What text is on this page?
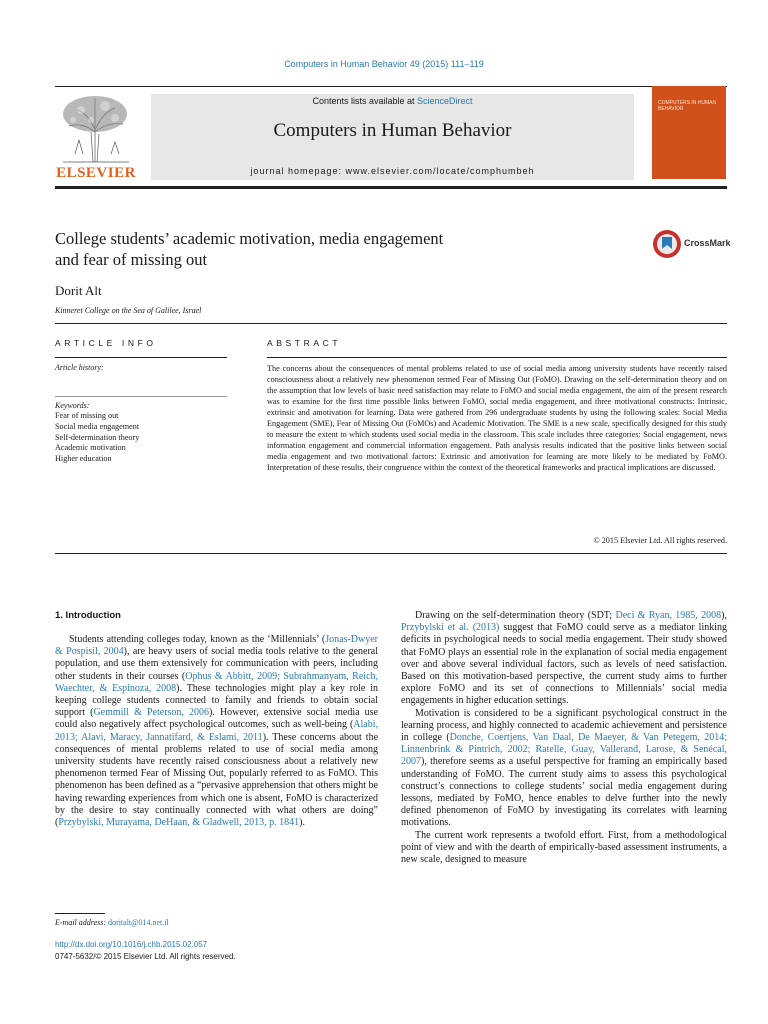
Computers in Human Behavior 49 (2015) 111–119
ELSEVIER
Contents lists available at ScienceDirect
Computers in Human Behavior
journal homepage: www.elsevier.com/locate/comphumbeh
COMPUTERS IN HUMAN BEHAVIOR
College students’ academic motivation, media engagement
and fear of missing out
CrossMark
Dorit Alt
Kinneret College on the Sea of Galilee, Israel
ARTICLE INFO	ABSTRACT
Article history:
Keywords:
Fear of missing out
Social media engagement
Self-determination theory
Academic motivation
Higher education
The concerns about the consequences of mental problems related to use of social media among university students have recently raised consciousness about a relatively new phenomenon termed Fear of Missing Out (FoMO). Drawing on the self-determination theory and on the assumption that low levels of basic need satisfaction may relate to FoMO and social media engagement, the aim of the present research was to examine for the first time possible links between FoMO, social media engagement, and three motivational constructs: Intrinsic, extrinsic and amotivation for learning. Data were gathered from 296 undergraduate students by using the following scales: Social Media Engagement (SME), Fear of Missing Out (FoMOs) and Academic Motivation. The SME is a new scale, specifically designed for this study to measure the extent to which students used social media in the classroom. This scale includes three categories: Social engagement, news information engagement and commercial information engagement. Path analysis results indicated that the positive links between social media engagement and two motivational factors: Extrinsic and amotivation for learning are more likely to be mediated by FoMO. Interpretation of these results, their congruence within the context of the theoretical frameworks and practical implications are discussed.
© 2015 Elsevier Ltd. All rights reserved.
1. Introduction

Students attending colleges today, known as the ‘Millennials’ (Jonas-Dwyer & Pospisil, 2004), are heavy users of social media tools relative to the general population, and use them extensively for communication with peers, including other students in their courses (Ophus & Abbitt, 2009; Subrahmanyam, Reich, Waechter, & Espinoza, 2008). These technologies might play a key role in keeping college students connected to family and friends to obtain social support (Gemmill & Peterson, 2006). However, extensive social media use could also negatively affect psychological outcomes, such as well-being (Alabi, 2013; Alavi, Maracy, Jannatifard, & Eslami, 2011). These concerns about the consequences of mental problems related to use of social media among university students have recently raised consciousness about a relatively new phenomenon termed Fear of Missing Out, popularly referred to as FoMO. This phenomenon has been defined as a “pervasive apprehension that others might be having rewarding experiences from which one is absent, FoMO is characterized by the desire to stay continually connected with what others are doing” (Przybylski, Murayama, DeHaan, & Gladwell, 2013, p. 1841).

Drawing on the self-determination theory (SDT; Deci & Ryan, 1985, 2008), Przybylski et al. (2013) suggest that FoMO could serve as a mediator linking deficits in psychological needs to social media engagement. Their study showed that FoMO plays an essential role in the explanation of social media engagement over and above several individual factors, such as levels of need satisfaction. Based on this motivation-based perspective, the current study aims to further explore FoMO and its set of connections to Millennials’ social media engagements in higher education settings.

Motivation is considered to be a significant psychological construct in the learning process, and highly connected to academic achievement and persistence in college (Donche, Coertjens, Van Daal, De Maeyer, & Van Petegem, 2014; Linnenbrink & Pintrich, 2002; Ratelle, Guay, Vallerand, Larose, & Senécal, 2007), therefore seems as a useful perspective for framing an empirically based understanding of FoMO. The current study aims to assess this psychological construct’s connections to college students’ social media engagement during lessons, mediated by FoMO, hence enables to delve further into the newly defined phenomenon of FoMO by investigating its correlates with learning motivations.

The current work represents a twofold effort. First, from a methodological point of view and with the dearth of empirically-based assessment instruments, a new scale, designed to measure

E-mail address: doritalt@014.net.il
http://dx.doi.org/10.1016/j.chb.2015.02.057
0747-5632/© 2015 Elsevier Ltd. All rights reserved.
